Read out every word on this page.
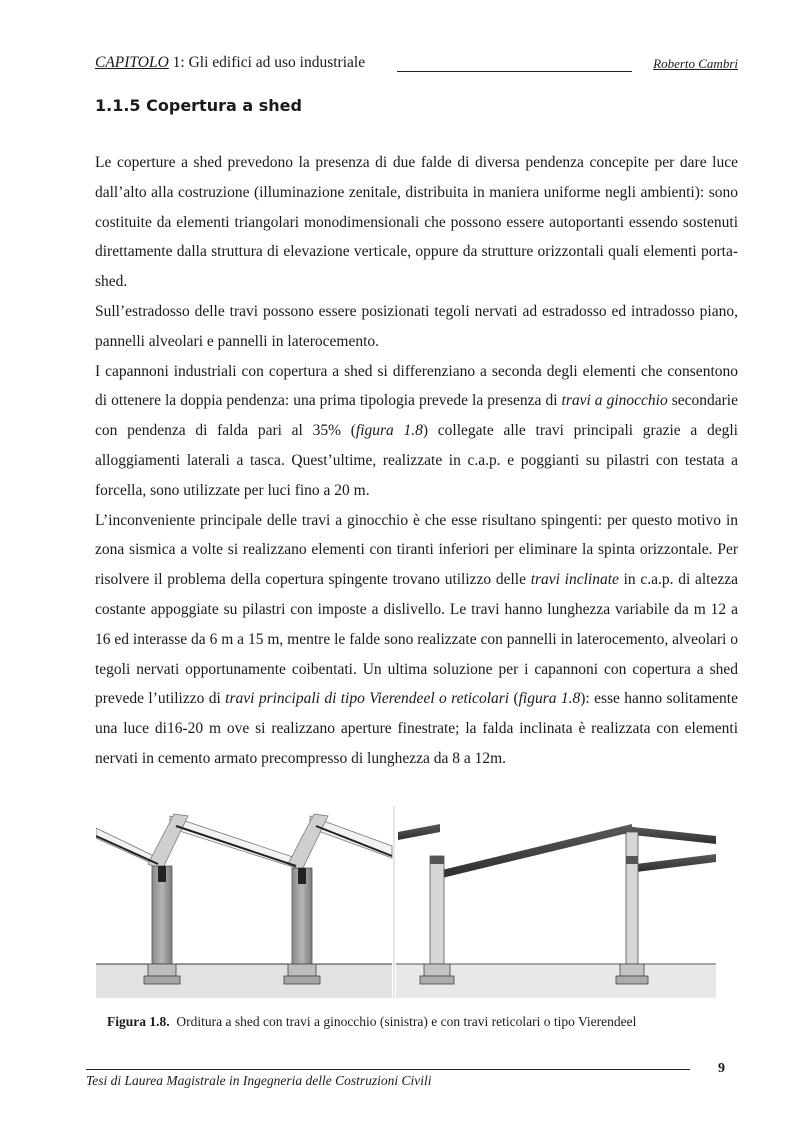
CAPITOLO 1: Gli edifici ad uso industriale	Roberto Cambri
1.1.5 Copertura a shed

Le coperture a shed prevedono la presenza di due falde di diversa pendenza concepite per dare luce dall’alto alla costruzione (illuminazione zenitale, distribuita in maniera uniforme negli ambienti): sono costituite da elementi triangolari monodimensionali che possono essere autoportanti essendo sostenuti direttamente dalla struttura di elevazione verticale, oppure da strutture orizzontali quali elementi porta-shed.

Sull’estradosso delle travi possono essere posizionati tegoli nervati ad estradosso ed intradosso piano, pannelli alveolari e pannelli in laterocemento.

I capannoni industriali con copertura a shed si differenziano a seconda degli elementi che consentono di ottenere la doppia pendenza: una prima tipologia prevede la presenza di travi a ginocchio secondarie con pendenza di falda pari al 35% (figura 1.8) collegate alle travi principali grazie a degli alloggiamenti laterali a tasca. Quest’ultime, realizzate in c.a.p. e poggianti su pilastri con testata a forcella, sono utilizzate per luci fino a 20 m.

L’inconveniente principale delle travi a ginocchio è che esse risultano spingenti: per questo motivo in zona sismica a volte si realizzano elementi con tiranti inferiori per eliminare la spinta orizzontale. Per risolvere il problema della copertura spingente trovano utilizzo delle travi inclinate in c.a.p. di altezza costante appoggiate su pilastri con imposte a dislivello. Le travi hanno lunghezza variabile da m 12 a 16 ed interasse da 6 m a 15 m, mentre le falde sono realizzate con pannelli in laterocemento, alveolari o tegoli nervati opportunamente coibentati. Un ultima soluzione per i capannoni con copertura a shed prevede l’utilizzo di travi principali di tipo Vierendeel o reticolari (figura 1.8): esse hanno solitamente una luce di16-20 m ove si realizzano aperture finestrate; la falda inclinata è realizzata con elementi nervati in cemento armato precompresso di lunghezza da 8 a 12m.

Figura 1.8. Orditura a shed con travi a ginocchio (sinistra) e con travi reticolari o tipo Vierendeel
Tesi di Laurea Magistrale in Ingegneria delle Costruzioni Civili
9
